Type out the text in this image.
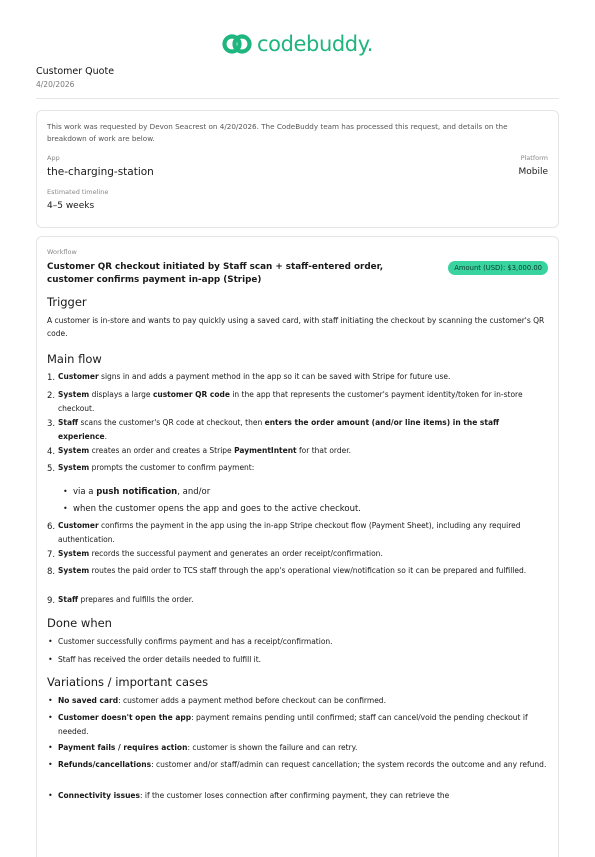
codebuddy.
Customer Quote
4/20/2026
This work was requested by Devon Seacrest on 4/20/2026. The CodeBuddy team has processed this request, and details on the breakdown of work are below.
App
the-charging-station
Platform
Mobile
Estimated timeline
4–5 weeks
Workflow
Customer QR checkout initiated by Staff scan + staff-entered order, customer confirms payment in-app (Stripe)
Amount (USD): $3,000.00
Trigger
A customer is in-store and wants to pay quickly using a saved card, with staff initiating the checkout by scanning the customer's QR code.
Main flow
1. Customer signs in and adds a payment method in the app so it can be saved with Stripe for future use.
2. System displays a large customer QR code in the app that represents the customer's payment identity/token for in-store checkout.
3. Staff scans the customer's QR code at checkout, then enters the order amount (and/or line items) in the staff experience.
4. System creates an order and creates a Stripe PaymentIntent for that order.
5. System prompts the customer to confirm payment:
• via a push notification, and/or
• when the customer opens the app and goes to the active checkout.
6. Customer confirms the payment in the app using the in-app Stripe checkout flow (Payment Sheet), including any required authentication.
7. System records the successful payment and generates an order receipt/confirmation.
8. System routes the paid order to TCS staff through the app's operational view/notification so it can be prepared and fulfilled.
9. Staff prepares and fulfills the order.
Done when
• Customer successfully confirms payment and has a receipt/confirmation.
• Staff has received the order details needed to fulfill it.
Variations / important cases
• No saved card: customer adds a payment method before checkout can be confirmed.
• Customer doesn't open the app: payment remains pending until confirmed; staff can cancel/void the pending checkout if needed.
• Payment fails / requires action: customer is shown the failure and can retry.
• Refunds/cancellations: customer and/or staff/admin can request cancellation; the system records the outcome and any refund.
• Connectivity issues: if the customer loses connection after confirming payment, they can retrieve the
